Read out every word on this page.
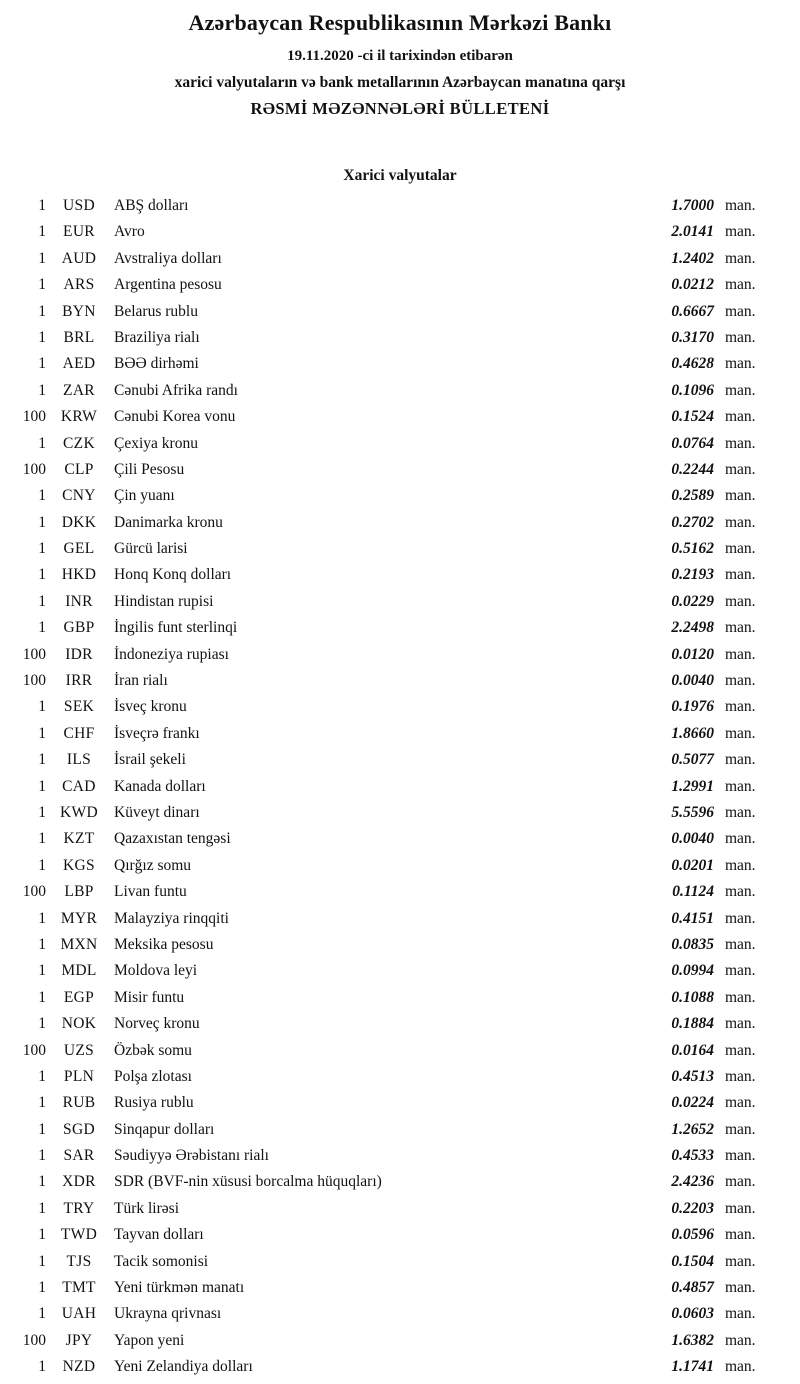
Azərbaycan Respublikasının Mərkəzi Bankı
19.11.2020 -ci il tarixindən etibarən
xarici valyutaların və bank metallarının Azərbaycan manatına qarşı
RƏSMİ MƏZƏNNƏLƏRİ BÜLLETENİ
Xarici valyutalar
1	USD	ABŞ dolları	1.7000 man.
1	EUR	Avro	2.0141 man.
1	AUD	Avstraliya dolları	1.2402 man.
1	ARS	Argentina pesosu	0.0212 man.
1	BYN	Belarus rublu	0.6667 man.
1	BRL	Braziliya rialı	0.3170 man.
1	AED	BƏƏ dirhəmi	0.4628 man.
1	ZAR	Cənubi Afrika randı	0.1096 man.
100 KRW	Cənubi Korea vonu	0.1524 man.
1	CZK	Çexiya kronu	0.0764 man.
100	CLP	Çili Pesosu	0.2244 man.
1	CNY	Çin yuanı	0.2589 man.
1	DKK	Danimarka kronu	0.2702 man.
1	GEL	Gürcü larisi	0.5162 man.
1	HKD	Honq Konq dolları	0.2193 man.
1	INR	Hindistan rupisi	0.0229 man.
1	GBP	İngilis funt sterlinqi	2.2498 man.
100	IDR	İndoneziya rupiası	0.0120 man.
100	IRR	İran rialı	0.0040 man.
1	SEK	İsveç kronu	0.1976 man.
1	CHF	İsveçrə frankı	1.8660 man.
1	ILS	İsrail şekeli	0.5077 man.
1	CAD	Kanada dolları	1.2991 man.
1 KWD	Küveyt dinarı	5.5596 man.
1	KZT	Qazaxıstan tengəsi	0.0040 man.
1	KGS	Qırğız somu	0.0201 man.
100	LBP	Livan funtu	0.1124 man.
1 MYR	Malayziya rinqqiti	0.4151 man.
1 MXN	Meksika pesosu	0.0835 man.
1 MDL	Moldova leyi	0.0994 man.
1	EGP	Misir funtu	0.1088 man.
1	NOK	Norveç kronu	0.1884 man.
100	UZS	Özbək somu	0.0164 man.
1	PLN	Polşa zlotası	0.4513 man.
1	RUB	Rusiya rublu	0.0224 man.
1	SGD	Sinqapur dolları	1.2652 man.
1	SAR	Səudiyyə Ərəbistanı rialı	0.4533 man.
1	XDR	SDR (BVF-nin xüsusi borcalma hüquqları)	2.4236 man.
1	TRY	Türk lirəsi	0.2203 man.
1 TWD	Tayvan dolları	0.0596 man.
1	TJS	Tacik somonisi	0.1504 man.
1	TMT	Yeni türkmən manatı	0.4857 man.
1	UAH	Ukrayna qrivnası	0.0603 man.
100	JPY	Yapon yeni	1.6382 man.
1	NZD	Yeni Zelandiya dolları	1.1741 man.
